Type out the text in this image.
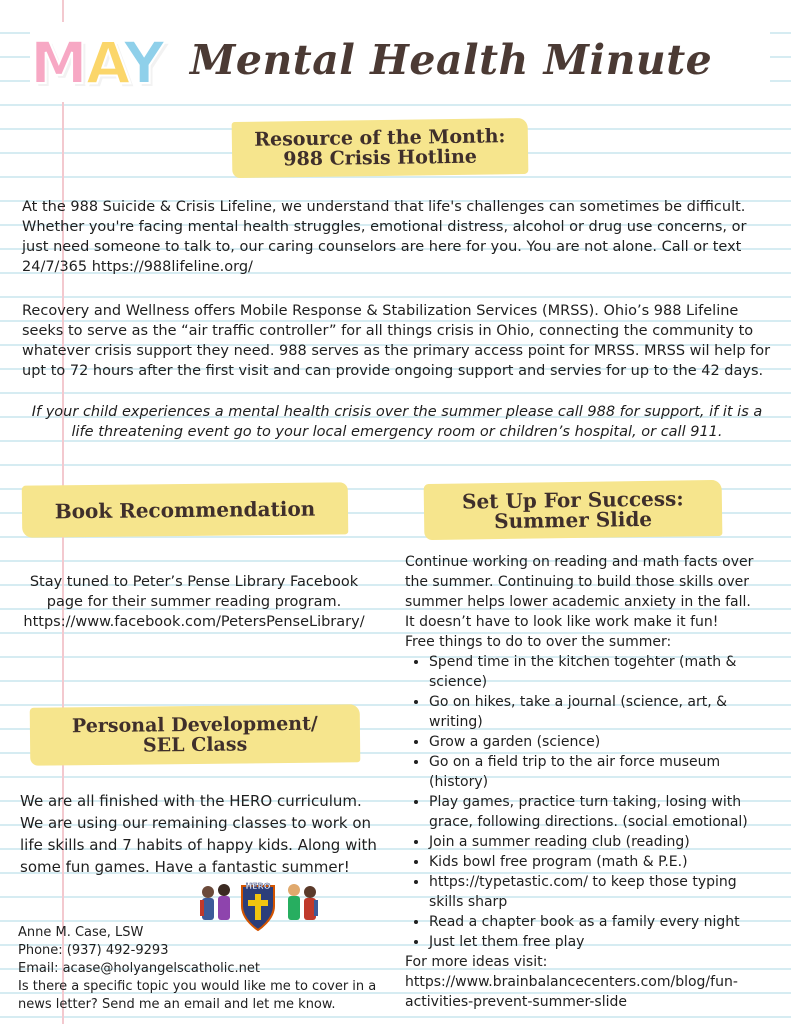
MAY Mental Health Minute
Resource of the Month:
988 Crisis Hotline
At the 988 Suicide & Crisis Lifeline, we understand that life's challenges can sometimes be difficult. Whether you're facing mental health struggles, emotional distress, alcohol or drug use concerns, or just need someone to talk to, our caring counselors are here for you. You are not alone. Call or text 24/7/365 https://988lifeline.org/
Recovery and Wellness offers Mobile Response & Stabilization Services (MRSS). Ohio’s 988 Lifeline seeks to serve as the “air traffic controller” for all things crisis in Ohio, connecting the community to whatever crisis support they need. 988 serves as the primary access point for MRSS. MRSS wil help for upt to 72 hours after the first visit and can provide ongoing support and servies for up to the 42 days.
If your child experiences a mental health crisis over the summer please call 988 for support, if it is a life threatening event go to your local emergency room or children’s hospital, or call 911.
Book Recommendation
Stay tuned to Peter’s Pense Library Facebook page for their summer reading program. https://www.facebook.com/PetersPenseLibrary/
Set Up For Success:
Summer Slide
Continue working on reading and math facts over the summer. Continuing to build those skills over summer helps lower academic anxiety in the fall. It doesn’t have to look like work make it fun!
Free things to do to over the summer:
• Spend time in the kitchen togehter (math & science)
• Go on hikes, take a journal (science, art, & writing)
• Grow a garden (science)
• Go on a field trip to the air force museum (history)
• Play games, practice turn taking, losing with grace, following directions. (social emotional)
• Join a summer reading club (reading)
• Kids bowl free program (math & P.E.)
• https://typetastic.com/ to keep those typing skills sharp
• Read a chapter book as a family every night
• Just let them free play
For more ideas visit:
https://www.brainbalancecenters.com/blog/fun-activities-prevent-summer-slide
Personal Development/
SEL Class
We are all finished with the HERO curriculum. We are using our remaining classes to work on life skills and 7 habits of happy kids. Along with some fun games. Have a fantastic summer!
HERO
Anne M. Case, LSW
Phone: (937) 492-9293
Email: acase@holyangelscatholic.net
Is there a specific topic you would like me to cover in a news letter? Send me an email and let me know.
